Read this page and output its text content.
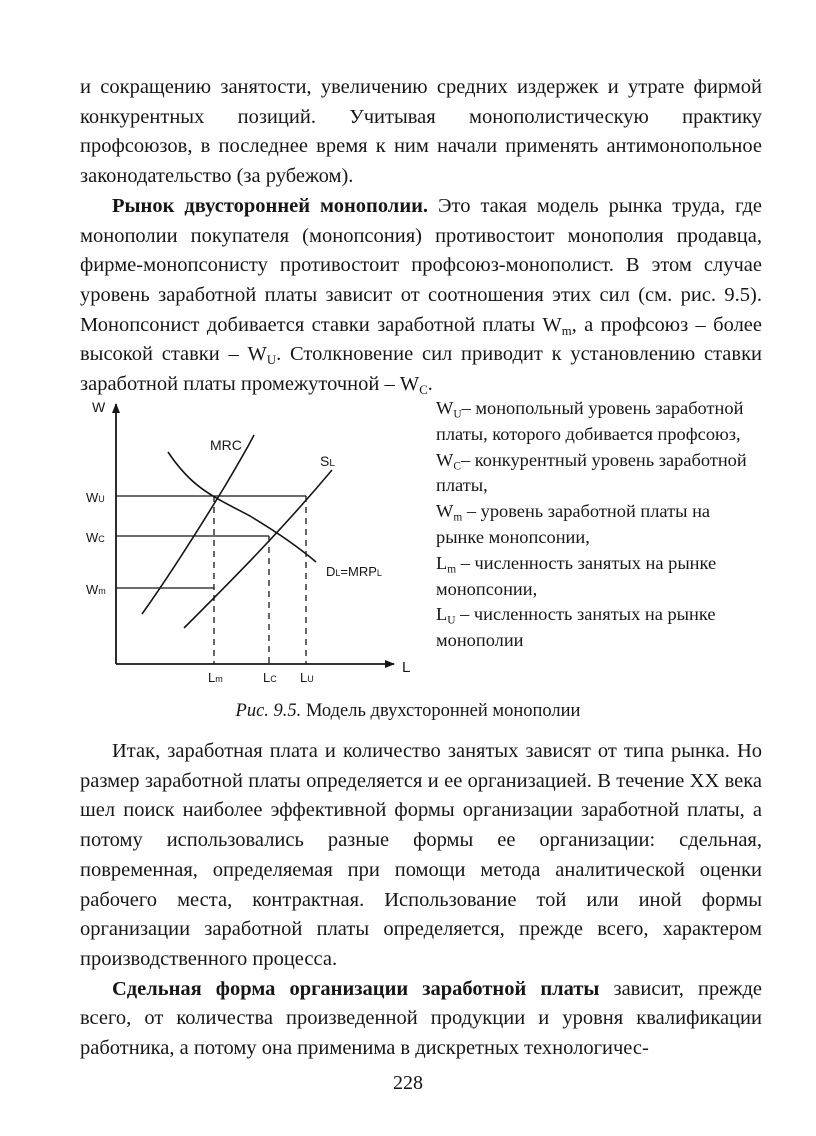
и сокращению занятости, увеличению средних издержек и утрате фирмой конкурентных позиций. Учитывая монополистическую практику профсоюзов, в последнее время к ним начали применять антимонопольное законодательство (за рубежом).

Рынок двусторонней монополии. Это такая модель рынка труда, где монополии покупателя (монопсония) противостоит монополия продавца, фирме-монопсонисту противостоит профсоюз-монополист. В этом случае уровень заработной платы зависит от соотношения этих сил (см. рис. 9.5). Монопсонист добивается ставки заработной платы $W_m$, а профсоюз – более высокой ставки – $W_U$. Столкновение сил приводит к установлению ставки заработной платы промежуточной – $W_C$.

W
L
MRC
SL
DL=MRPL
WU
WC
Wm
Lm	LC LU
$W_U-$ монопольный уровень заработной платы, которого добивается профсоюз,
$W_C-$ конкурентный уровень заработной платы,
$W_m$ – уровень заработной платы на рынке монопсонии,
$L_m$ – численность занятых на рынке монопсонии,
$L_U$ – численность занятых на рынке монополии
Рис. 9.5. Модель двухсторонней монополии

Итак, заработная плата и количество занятых зависят от типа рынка. Но размер заработной платы определяется и ее организацией. В течение XX века шел поиск наиболее эффективной формы организации заработной платы, а потому использовались разные формы ее организации: сдельная, повременная, определяемая при помощи метода аналитической оценки рабочего места, контрактная. Использование той или иной формы организации заработной платы определяется, прежде всего, характером производственного процесса.

Сдельная форма организации заработной платы зависит, прежде всего, от количества произведенной продукции и уровня квалификации работника, а потому она применима в дискретных технологичес-

228
